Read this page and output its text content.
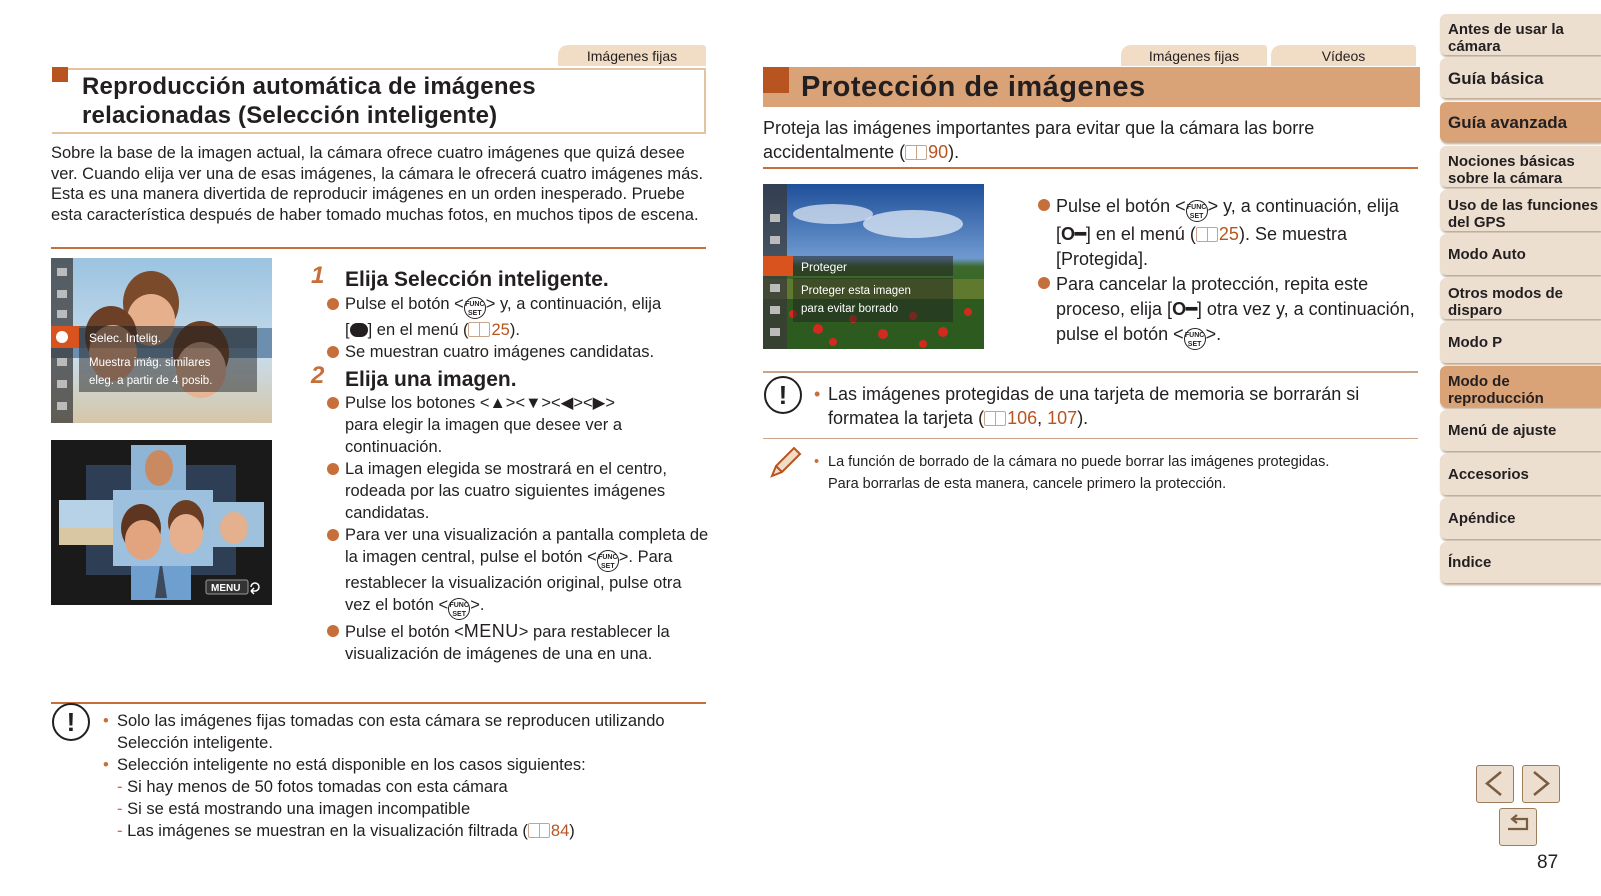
Imágenes fijas
Reproducción automática de imágenes
relacionadas (Selección inteligente)
Sobre la base de la imagen actual, la cámara ofrece cuatro imágenes que quizá desee ver. Cuando elija ver una de esas imágenes, la cámara le ofrecerá cuatro imágenes más. Esta es una manera divertida de reproducir imágenes en un orden inesperado. Pruebe esta característica después de haber tomado muchas fotos, en muchos tipos de escena.
Selec. Intelig.
Muestra imág. similares
eleg. a partir de 4 posib.
MENU
1 Elija Selección inteligente.
Pulse el botón <FUNC
SET> y, a continuación, elija
[ ] en el menú ( 25).
Se muestran cuatro imágenes candidatas.
2 Elija una imagen.
Pulse los botones <▲><▼><◀><▶>
para elegir la imagen que desee ver a continuación.
La imagen elegida se mostrará en el centro, rodeada por las cuatro siguientes imágenes candidatas.
Para ver una visualización a pantalla completa de la imagen central, pulse el botón <FUNC
SET>. Para restablecer la visualización original, pulse otra vez el botón <FUNC
SET>.
Pulse el botón <MENU> para restablecer la visualización de imágenes de una en una.
!	• Solo las imágenes fijas tomadas con esta cámara se reproducen utilizando Selección inteligente.
• Selección inteligente no está disponible en los casos siguientes:
- Si hay menos de 50 fotos tomadas con esta cámara
- Si se está mostrando una imagen incompatible
- Las imágenes se muestran en la visualización filtrada ( 84)
Imágenes fijas	Vídeos
Protección de imágenes
Proteja las imágenes importantes para evitar que la cámara las borre accidentalmente ( 90).
Proteger
Proteger esta imagen
para evitar borrado
Pulse el botón <FUNC
SET> y, a continuación, elija [O━] en el menú ( 25). Se muestra [Protegida].
Para cancelar la protección, repita este proceso, elija [O━] otra vez y, a continuación, pulse el botón <FUNC
SET>.
!	• Las imágenes protegidas de una tarjeta de memoria se borrarán si formatea la tarjeta ( 106, 107).
• La función de borrado de la cámara no puede borrar las imágenes protegidas.
Para borrarlas de esta manera, cancele primero la protección.
Antes de usar la cámara
Guía básica
Guía avanzada
Nociones básicas sobre la cámara
Uso de las funciones del GPS
Modo Auto
Otros modos de disparo
Modo P
Modo de reproducción
Menú de ajuste
Accesorios
Apéndice
Índice
87
